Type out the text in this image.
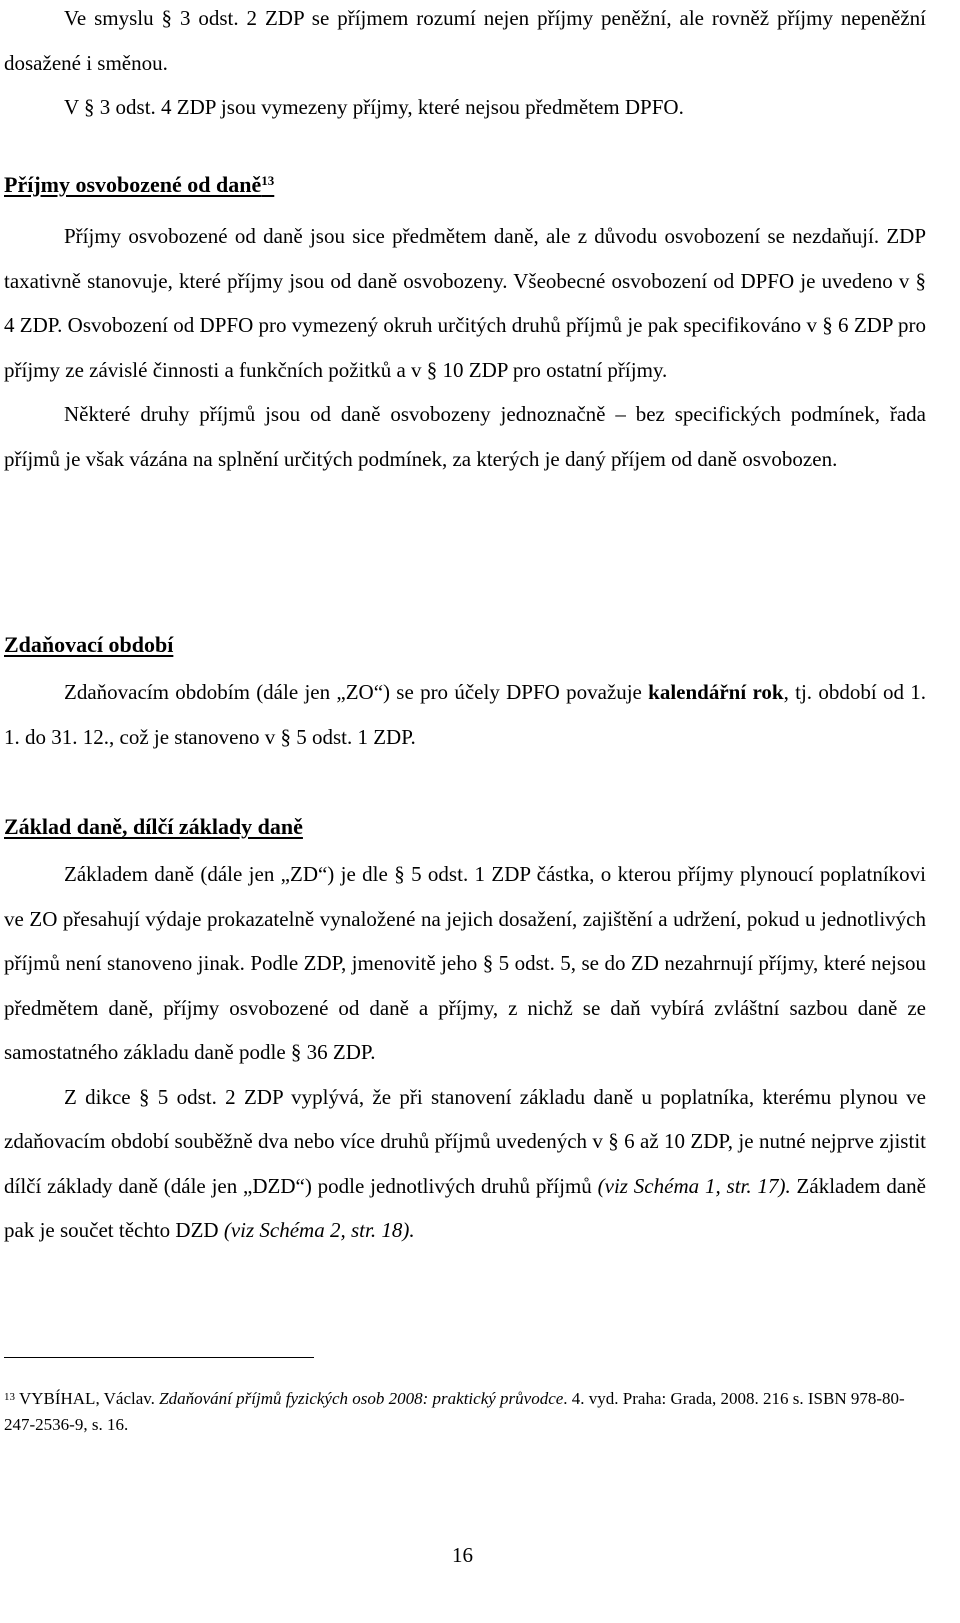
Ve smyslu § 3 odst. 2 ZDP se příjmem rozumí nejen příjmy peněžní, ale rovněž příjmy nepeněžní dosažené i směnou.

V § 3 odst. 4 ZDP jsou vymezeny příjmy, které nejsou předmětem DPFO.

Příjmy osvobozené od daně$^{13}$

Příjmy osvobozené od daně jsou sice předmětem daně, ale z důvodu osvobození se nezdaňují. ZDP taxativně stanovuje, které příjmy jsou od daně osvobozeny. Všeobecné osvobození od DPFO je uvedeno v § 4 ZDP. Osvobození od DPFO pro vymezený okruh určitých druhů příjmů je pak specifikováno v § 6 ZDP pro příjmy ze závislé činnosti a funkčních požitků a v § 10 ZDP pro ostatní příjmy.

Některé druhy příjmů jsou od daně osvobozeny jednoznačně – bez specifických podmínek, řada příjmů je však vázána na splnění určitých podmínek, za kterých je daný příjem od daně osvobozen.

Zdaňovací období

Zdaňovacím obdobím (dále jen „ZO“) se pro účely DPFO považuje kalendářní rok, tj. období od 1. 1. do 31. 12., což je stanoveno v § 5 odst. 1 ZDP.

Základ daně, dílčí základy daně

Základem daně (dále jen „ZD“) je dle § 5 odst. 1 ZDP částka, o kterou příjmy plynoucí poplatníkovi ve ZO přesahují výdaje prokazatelně vynaložené na jejich dosažení, zajištění a udržení, pokud u jednotlivých příjmů není stanoveno jinak. Podle ZDP, jmenovitě jeho § 5 odst. 5, se do ZD nezahrnují příjmy, které nejsou předmětem daně, příjmy osvobozené od daně a příjmy, z nichž se daň vybírá zvláštní sazbou daně ze samostatného základu daně podle § 36 ZDP.

Z dikce § 5 odst. 2 ZDP vyplývá, že při stanovení základu daně u poplatníka, kterému plynou ve zdaňovacím období souběžně dva nebo více druhů příjmů uvedených v § 6 až 10 ZDP, je nutné nejprve zjistit dílčí základy daně (dále jen „DZD“) podle jednotlivých druhů příjmů (viz Schéma 1, str. 17). Základem daně pak je součet těchto DZD (viz Schéma 2, str. 18).

$^{13}$ VYBÍHAL, Václav. Zdaňování příjmů fyzických osob 2008: praktický průvodce. 4. vyd. Praha: Grada, 2008. 216 s. ISBN 978-80-247-2536-9, s. 16.

16
